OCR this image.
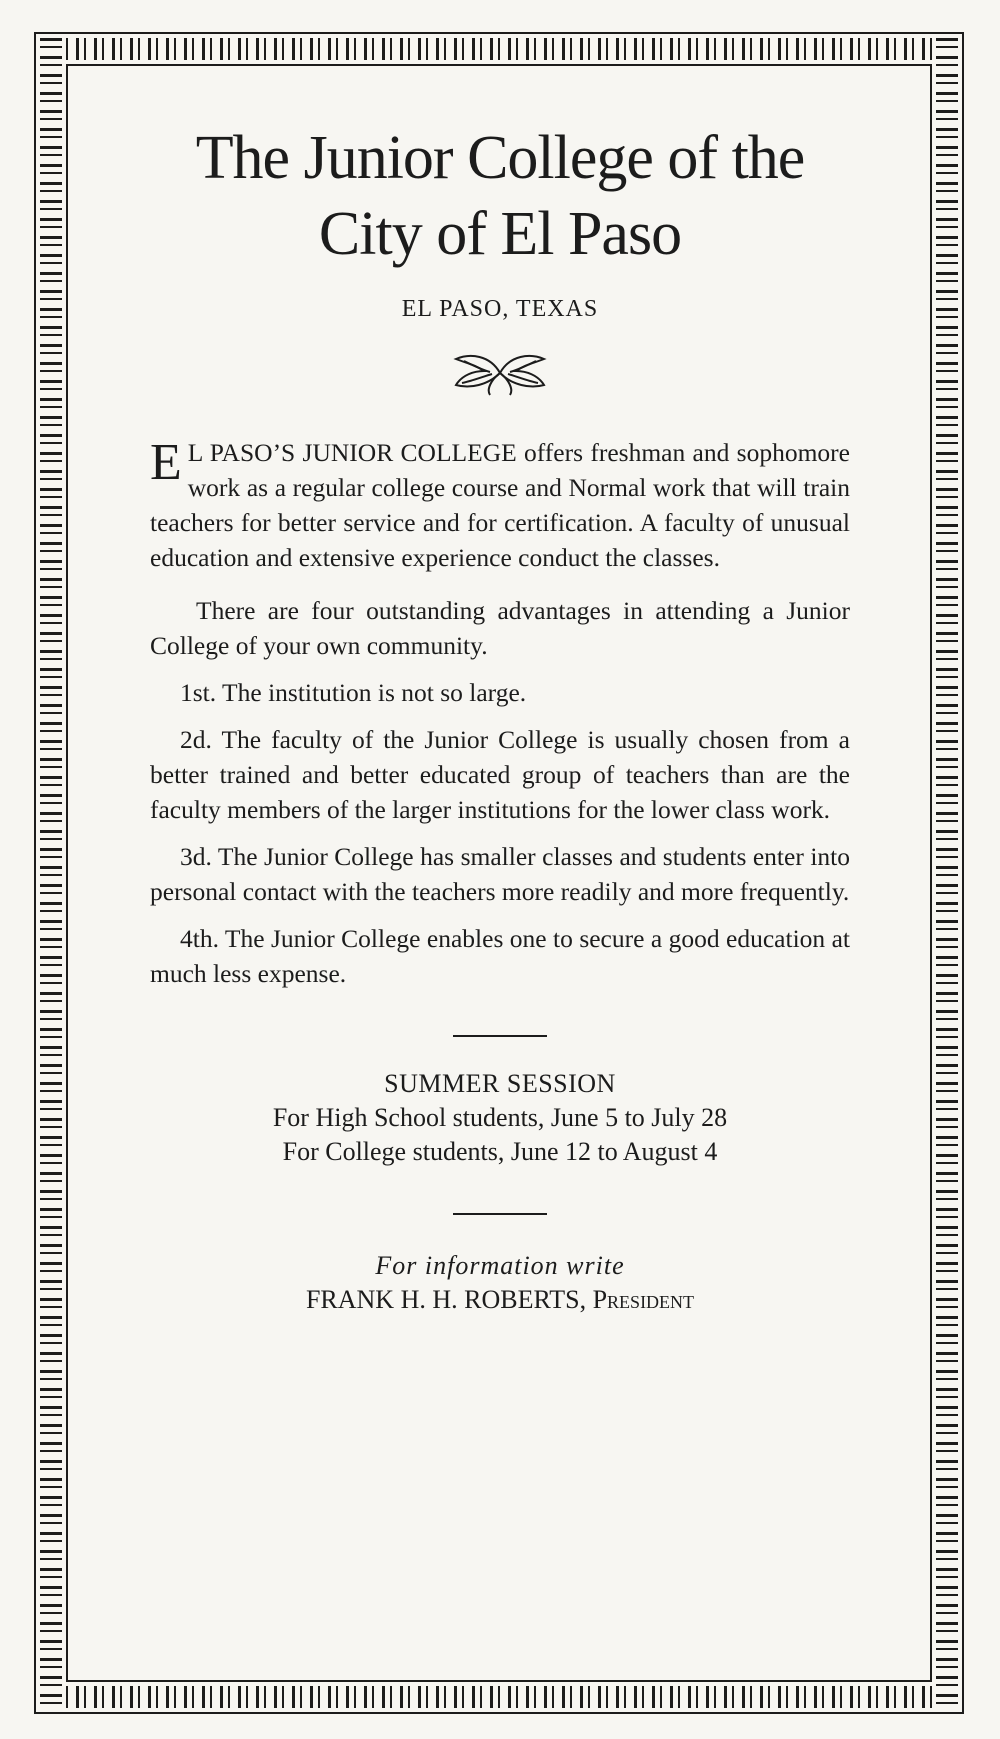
The Junior College of the
City of El Paso

EL PASO, TEXAS

E L PASO’S JUNIOR COLLEGE offers freshman and sophomore work as a regular college course and Normal work that will train teachers for better service and for certification. A faculty of unusual education and extensive experience conduct the classes.

There are four outstanding advantages in attending a Junior College of your own community.

1st. The institution is not so large.

2d. The faculty of the Junior College is usually chosen from a better trained and better educated group of teachers than are the faculty members of the larger institutions for the lower class work.

3d. The Junior College has smaller classes and students enter into personal contact with the teachers more readily and more frequently.

4th. The Junior College enables one to secure a good education at much less expense.

SUMMER SESSION

For High School students, June 5 to July 28

For College students, June 12 to August 4

For information write

FRANK H. H. ROBERTS, President
